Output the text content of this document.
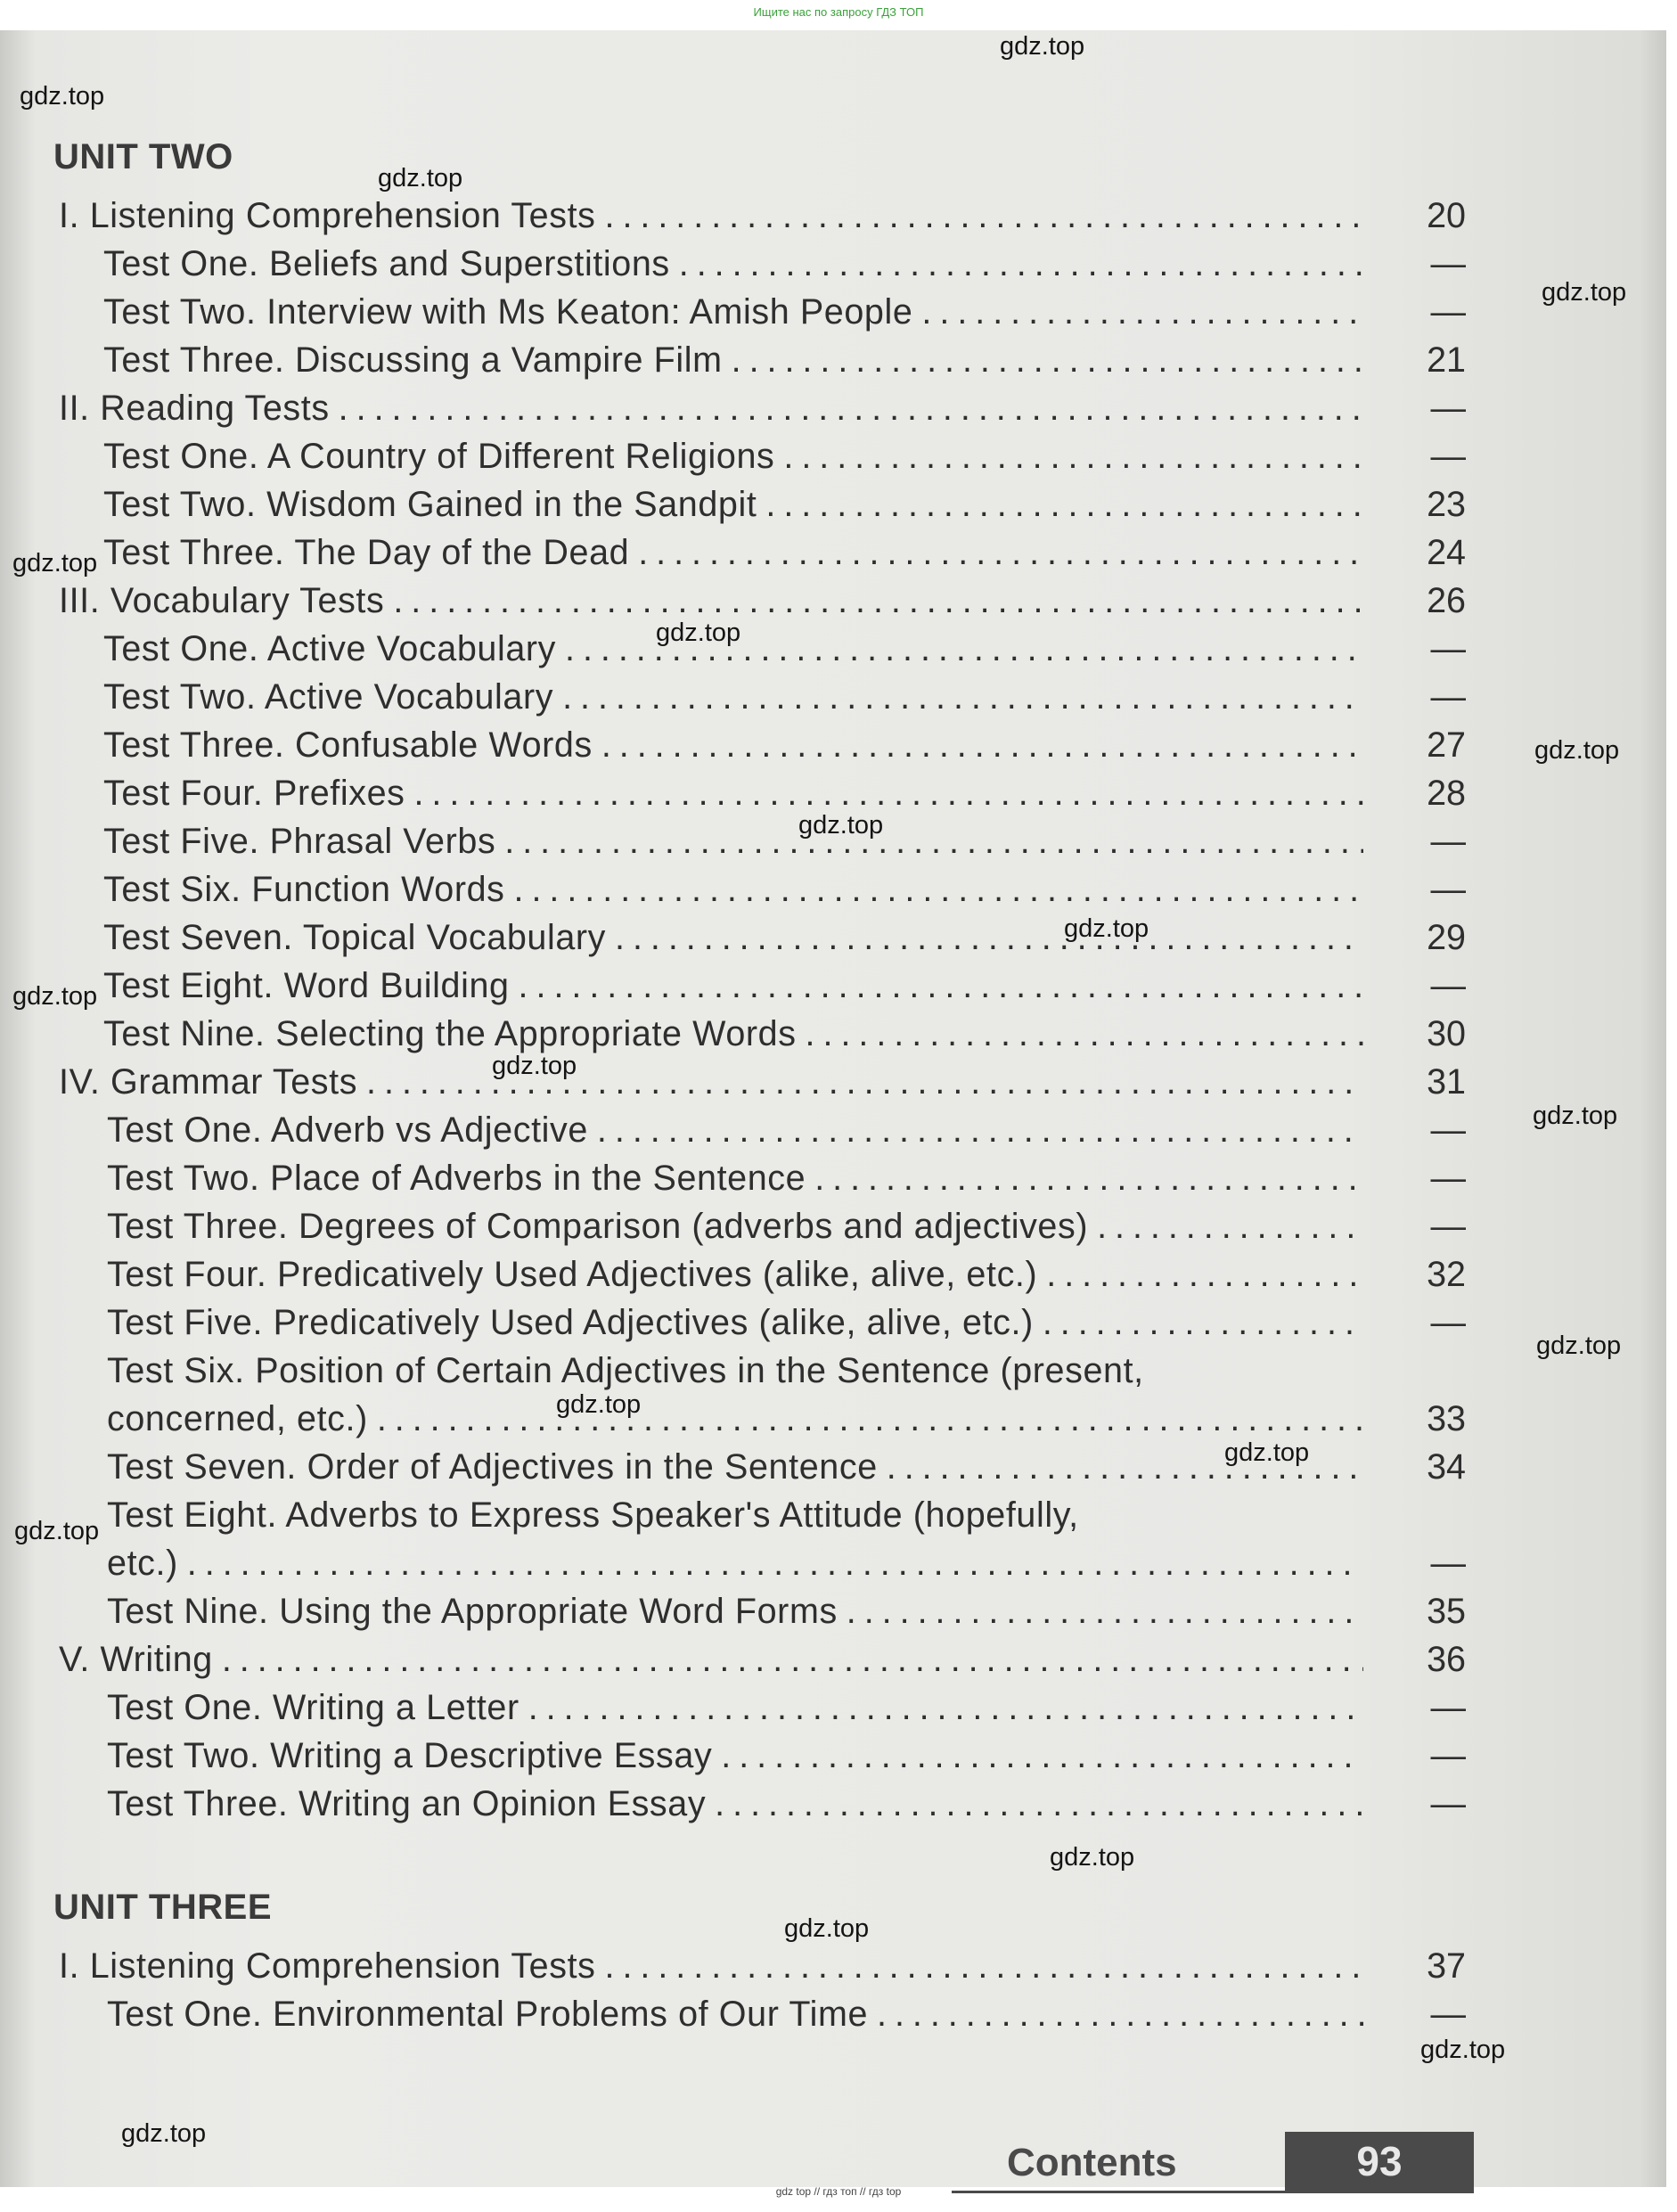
Ищите нас по запросу ГДЗ ТОП
UNIT TWO
I. Listening Comprehension Tests . . .	20
Test One. Beliefs and Superstitions . . .	—
Test Two. Interview with Ms Keaton: Amish People . . .	—
Test Three. Discussing a Vampire Film . . .	21
II. Reading Tests . . .	—
Test One. A Country of Different Religions . . .	—
Test Two. Wisdom Gained in the Sandpit . . .	23
Test Three. The Day of the Dead . . .	24
III. Vocabulary Tests . . .	26
Test One. Active Vocabulary . . .	—
Test Two. Active Vocabulary . . .	—
Test Three. Confusable Words . . .	27
Test Four. Prefixes . . .	28
Test Five. Phrasal Verbs . . .	—
Test Six. Function Words . . .	—
Test Seven. Topical Vocabulary . . .	29
Test Eight. Word Building . . .	—
Test Nine. Selecting the Appropriate Words . . .	30
IV. Grammar Tests . . .	31
Test One. Adverb vs Adjective . . .	—
Test Two. Place of Adverbs in the Sentence . . .	—
Test Three. Degrees of Comparison (adverbs and adjectives) . . .	—
Test Four. Predicatively Used Adjectives (alike, alive, etc.) . . .	32
Test Five. Predicatively Used Adjectives (alike, alive, etc.) . . .	—
Test Six. Position of Certain Adjectives in the Sentence (present,
concerned, etc.) . . .	33
Test Seven. Order of Adjectives in the Sentence . . .	34
Test Eight. Adverbs to Express Speaker's Attitude (hopefully,
etc.) . . .	—
Test Nine. Using the Appropriate Word Forms . . .	35
V. Writing . . .	36
Test One. Writing a Letter . . .	—
Test Two. Writing a Descriptive Essay . . .	—
Test Three. Writing an Opinion Essay . . .	—
UNIT THREE
I. Listening Comprehension Tests . . .	37
Test One. Environmental Problems of Our Time . . .	—
Contents	93
gdz.top
gdz.top
gdz.top
gdz.top
gdz.top
gdz.top
gdz.top
gdz.top
gdz.top
gdz.top
gdz.top
gdz.top
gdz.top
gdz.top
gdz.top
gdz.top
gdz.top
gdz.top
gdz.top
gdz.top
gdz top // гдз топ // гдз top
